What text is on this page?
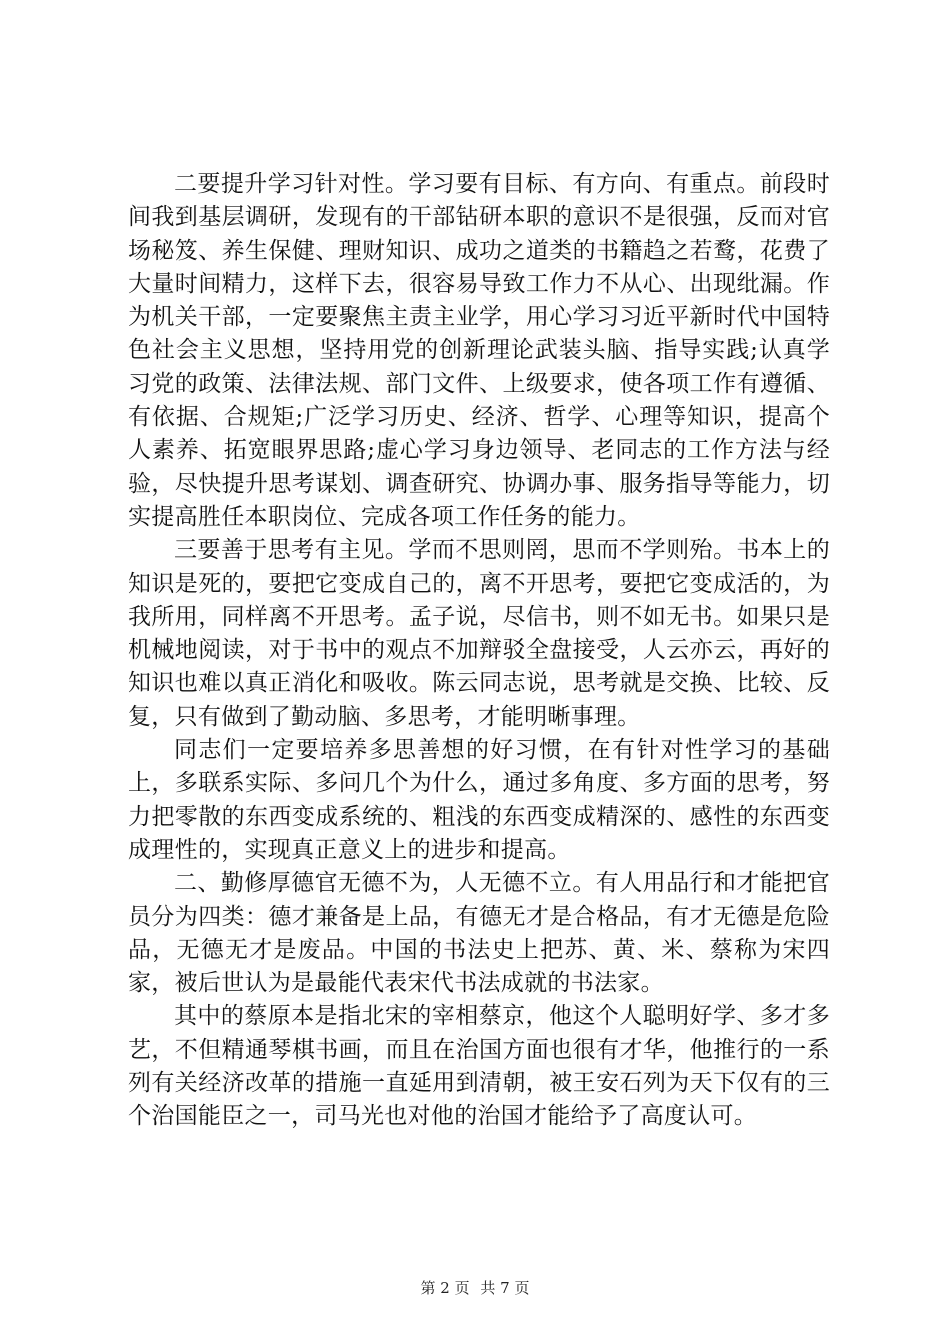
二要提升学习针对性。学习要有目标、有方向、有重点。前段时间我到基层调研，发现有的干部钻研本职的意识不是很强，反而对官场秘笈、养生保健、理财知识、成功之道类的书籍趋之若鹜，花费了大量时间精力，这样下去，很容易导致工作力不从心、出现纰漏。作为机关干部，一定要聚焦主责主业学，用心学习习近平新时代中国特色社会主义思想，坚持用党的创新理论武装头脑、指导实践;认真学习党的政策、法律法规、部门文件、上级要求，使各项工作有遵循、有依据、合规矩;广泛学习历史、经济、哲学、心理等知识，提高个人素养、拓宽眼界思路;虚心学习身边领导、老同志的工作方法与经验，尽快提升思考谋划、调查研究、协调办事、服务指导等能力，切实提高胜任本职岗位、完成各项工作任务的能力。

三要善于思考有主见。学而不思则罔，思而不学则殆。书本上的知识是死的，要把它变成自己的，离不开思考，要把它变成活的，为我所用，同样离不开思考。孟子说，尽信书，则不如无书。如果只是机械地阅读，对于书中的观点不加辩驳全盘接受，人云亦云，再好的知识也难以真正消化和吸收。陈云同志说，思考就是交换、比较、反复，只有做到了勤动脑、多思考，才能明晰事理。

同志们一定要培养多思善想的好习惯，在有针对性学习的基础上，多联系实际、多问几个为什么，通过多角度、多方面的思考，努力把零散的东西变成系统的、粗浅的东西变成精深的、感性的东西变成理性的，实现真正意义上的进步和提高。

二、勤修厚德官无德不为，人无德不立。有人用品行和才能把官员分为四类：德才兼备是上品，有德无才是合格品，有才无德是危险品，无德无才是废品。中国的书法史上把苏、黄、米、蔡称为宋四家，被后世认为是最能代表宋代书法成就的书法家。

其中的蔡原本是指北宋的宰相蔡京，他这个人聪明好学、多才多艺，不但精通琴棋书画，而且在治国方面也很有才华，他推行的一系列有关经济改革的措施一直延用到清朝，被王安石列为天下仅有的三个治国能臣之一，司马光也对他的治国才能给予了高度认可。

第 2 页 共 7 页
